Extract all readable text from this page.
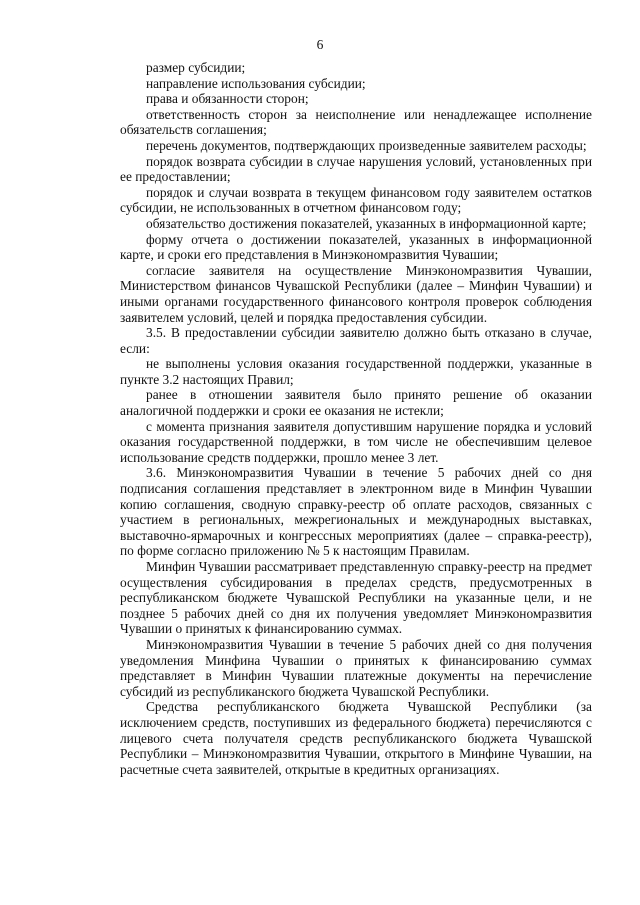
6

размер субсидии;

направление использования субсидии;

права и обязанности сторон;

ответственность сторон за неисполнение или ненадлежащее исполнение обязательств соглашения;

перечень документов, подтверждающих произведенные заявителем расходы;

порядок возврата субсидии в случае нарушения условий, установленных при ее предоставлении;

порядок и случаи возврата в текущем финансовом году заявителем остатков субсидии, не использованных в отчетном финансовом году;

обязательство достижения показателей, указанных в информационной карте;

форму отчета о достижении показателей, указанных в информационной карте, и сроки его представления в Минэкономразвития Чувашии;

согласие заявителя на осуществление Минэкономразвития Чувашии, Министерством финансов Чувашской Республики (далее – Минфин Чувашии) и иными органами государственного финансового контроля проверок соблюдения заявителем условий, целей и порядка предоставления субсидии.

3.5. В предоставлении субсидии заявителю должно быть отказано в случае, если:

не выполнены условия оказания государственной поддержки, указанные в пункте 3.2 настоящих Правил;

ранее в отношении заявителя было принято решение об оказании аналогичной поддержки и сроки ее оказания не истекли;

с момента признания заявителя допустившим нарушение порядка и условий оказания государственной поддержки, в том числе не обеспечившим целевое использование средств поддержки, прошло менее 3 лет.

3.6. Минэкономразвития Чувашии в течение 5 рабочих дней со дня подписания соглашения представляет в электронном виде в Минфин Чувашии копию соглашения, сводную справку-реестр об оплате расходов, связанных с участием в региональных, межрегиональных и международных выставках, выставочно-ярмарочных и конгрессных мероприятиях (далее – справка-реестр), по форме согласно приложению № 5 к настоящим Правилам.

Минфин Чувашии рассматривает представленную справку-реестр на предмет осуществления субсидирования в пределах средств, предусмотренных в республиканском бюджете Чувашской Республики на указанные цели, и не позднее 5 рабочих дней со дня их получения уведомляет Минэкономразвития Чувашии о принятых к финансированию суммах.

Минэкономразвития Чувашии в течение 5 рабочих дней со дня получения уведомления Минфина Чувашии о принятых к финансированию суммах представляет в Минфин Чувашии платежные документы на перечисление субсидий из республиканского бюджета Чувашской Республики.

Средства республиканского бюджета Чувашской Республики (за исключением средств, поступивших из федерального бюджета) перечисляются с лицевого счета получателя средств республиканского бюджета Чувашской Республики – Минэкономразвития Чувашии, открытого в Минфине Чувашии, на расчетные счета заявителей, открытые в кредитных организациях.
